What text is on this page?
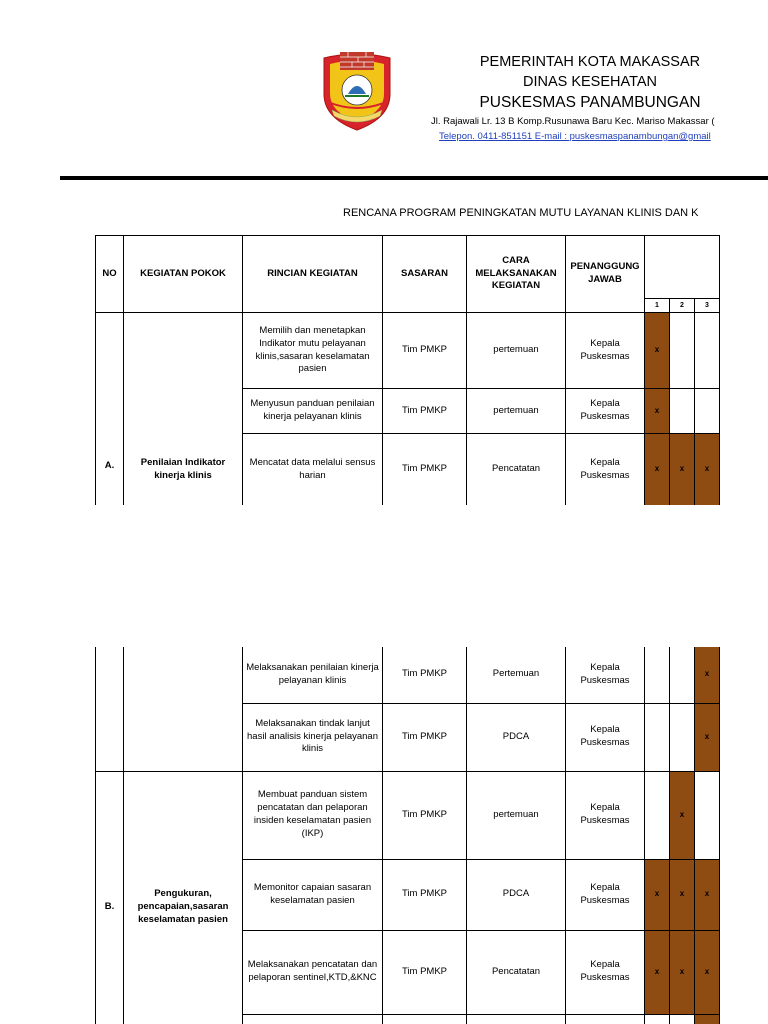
PEMERINTAH KOTA MAKASSAR
DINAS KESEHATAN
PUSKESMAS PANAMBUNGAN
Jl. Rajawali Lr. 13 B Komp.Rusunawa Baru Kec. Mariso Makassar (
Telepon. 0411-851151 E-mail : puskesmaspanambungan@gmail
RENCANA PROGRAM PENINGKATAN MUTU LAYANAN KLINIS DAN K
NO	KEGIATAN POKOK	RINCIAN KEGIATAN	SASARAN	CARA MELAKSANAKAN KEGIATAN	PENANGGUNG JAWAB			
						1	2	3
A.	Penilaian Indikator kinerja klinis	Memilih dan menetapkan Indikator mutu pelayanan klinis,sasaran keselamatan pasien	Tim PMKP	pertemuan	Kepala Puskesmas	x		
		Menyusun panduan penilaian kinerja pelayanan klinis	Tim PMKP	pertemuan	Kepala Puskesmas	x		
		Mencatat data melalui sensus harian	Tim PMKP	Pencatatan	Kepala Puskesmas	x	x	x
		Melaksanakan penilaian kinerja pelayanan klinis	Tim PMKP	Pertemuan	Kepala Puskesmas			x
		Melaksanakan tindak lanjut hasil analisis kinerja pelayanan klinis	Tim PMKP	PDCA	Kepala Puskesmas			x
B.	Pengukuran, pencapaian,sasaran keselamatan pasien	Membuat panduan sistem pencatatan dan pelaporan insiden keselamatan pasien (IKP)	Tim PMKP	pertemuan	Kepala Puskesmas		x	
		Memonitor capaian sasaran keselamatan pasien	Tim PMKP	PDCA	Kepala Puskesmas	x	x	x
		Melaksanakan pencatatan dan pelaporan sentinel,KTD,&KNC	Tim PMKP	Pencatatan	Kepala Puskesmas	x	x	x
